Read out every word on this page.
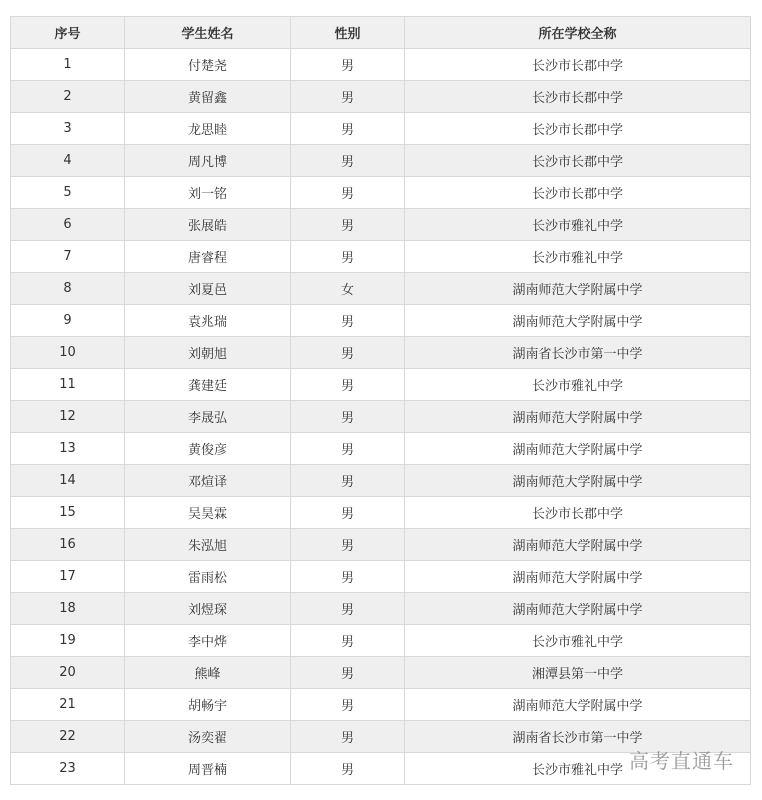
序号	学生姓名	性别	所在学校全称
1	付楚尧	男	长沙市长郡中学
2	黄留鑫	男	长沙市长郡中学
3	龙思睦	男	长沙市长郡中学
4	周凡博	男	长沙市长郡中学
5	刘一铭	男	长沙市长郡中学
6	张展皓	男	长沙市雅礼中学
7	唐睿程	男	长沙市雅礼中学
8	刘夏邑	女	湖南师范大学附属中学
9	袁兆瑞	男	湖南师范大学附属中学
10	刘朝旭	男	湖南省长沙市第一中学
11	龚建廷	男	长沙市雅礼中学
12	李晟弘	男	湖南师范大学附属中学
13	黄俊彦	男	湖南师范大学附属中学
14	邓煊译	男	湖南师范大学附属中学
15	吴昊霖	男	长沙市长郡中学
16	朱泓旭	男	湖南师范大学附属中学
17	雷雨松	男	湖南师范大学附属中学
18	刘煜琛	男	湖南师范大学附属中学
19	李中烨	男	长沙市雅礼中学
20	熊峰	男	湘潭县第一中学
21	胡畅宇	男	湖南师范大学附属中学
22	汤奕翟	男	湖南省长沙市第一中学
23	周晋楠	男	长沙市雅礼中学 高考直通车
